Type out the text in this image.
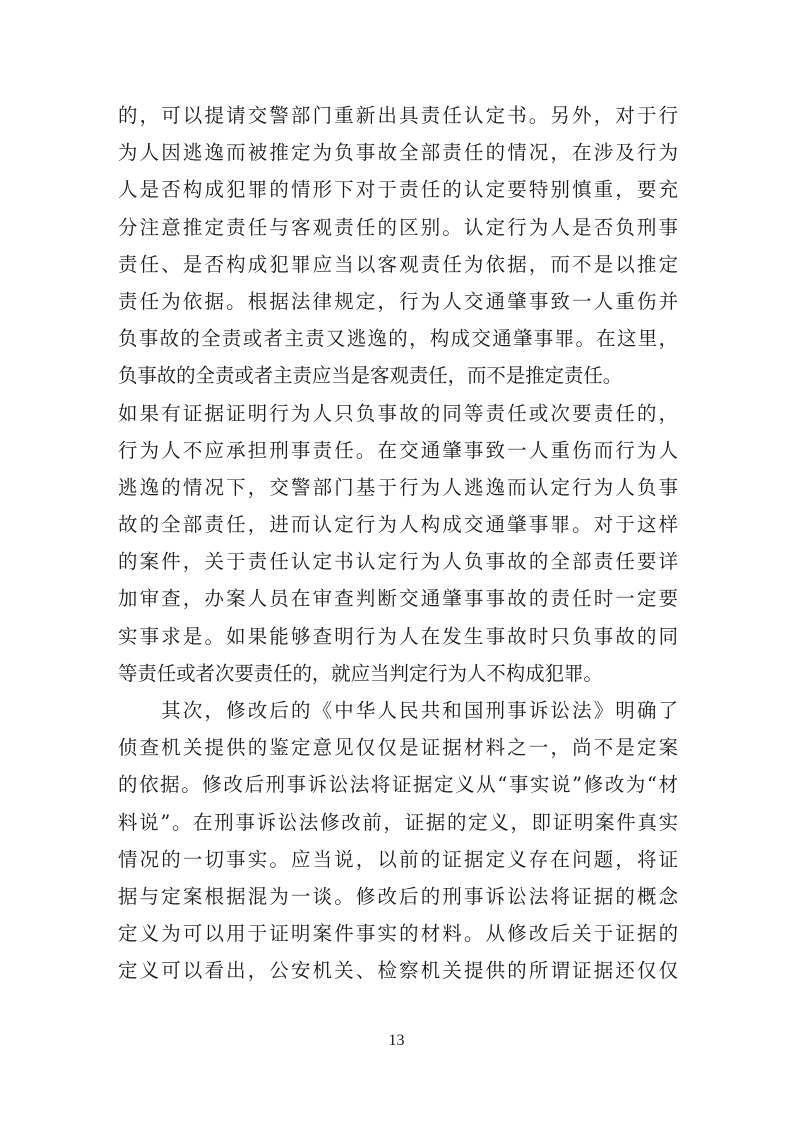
的，可以提请交警部门重新出具责任认定书。另外，对于行
为人因逃逸而被推定为负事故全部责任的情况，在涉及行为
人是否构成犯罪的情形下对于责任的认定要特别慎重，要充
分注意推定责任与客观责任的区别。认定行为人是否负刑事
责任、是否构成犯罪应当以客观责任为依据，而不是以推定
责任为依据。根据法律规定，行为人交通肇事致一人重伤并
负事故的全责或者主责又逃逸的，构成交通肇事罪。在这里，
负事故的全责或者主责应当是客观责任，而不是推定责任。
如果有证据证明行为人只负事故的同等责任或次要责任的，
行为人不应承担刑事责任。在交通肇事致一人重伤而行为人
逃逸的情况下，交警部门基于行为人逃逸而认定行为人负事
故的全部责任，进而认定行为人构成交通肇事罪。对于这样
的案件，关于责任认定书认定行为人负事故的全部责任要详
加审查，办案人员在审查判断交通肇事事故的责任时一定要
实事求是。如果能够查明行为人在发生事故时只负事故的同
等责任或者次要责任的，就应当判定行为人不构成犯罪。
　　其次，修改后的《中华人民共和国刑事诉讼法》明确了
侦查机关提供的鉴定意见仅仅是证据材料之一，尚不是定案
的依据。修改后刑事诉讼法将证据定义从“事实说”修改为“材
料说”。在刑事诉讼法修改前，证据的定义，即证明案件真实
情况的一切事实。应当说，以前的证据定义存在问题，将证
据与定案根据混为一谈。修改后的刑事诉讼法将证据的概念
定义为可以用于证明案件事实的材料。从修改后关于证据的
定义可以看出，公安机关、检察机关提供的所谓证据还仅仅
13
